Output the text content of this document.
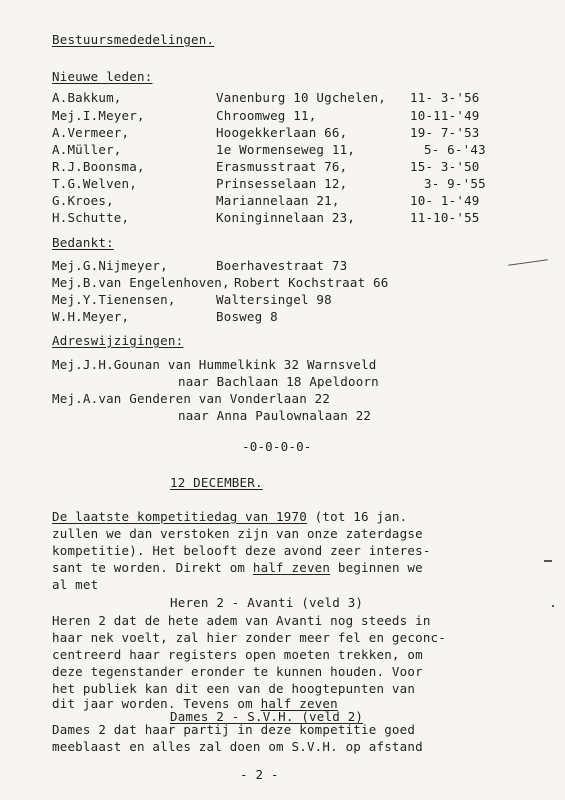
Bestuursmededelingen.
Nieuwe leden:
A.Bakkum,	Vanenburg 10 Ugchelen, 11- 3-'56
Mej.I.Meyer,	Chroomweg 11,	10-11-'49
A.Vermeer,	Hoogekkerlaan 66,	19- 7-'53
A.Müller,	1e Wormenseweg 11,	5- 6-'43
R.J.Boonsma,	Erasmusstraat 76,	15- 3-'50
T.G.Welven,	Prinsesselaan 12,	3- 9-'55
G.Kroes,	Mariannelaan 21,	10- 1-'49
H.Schutte,	Koninginnelaan 23,	11-10-'55
Bedankt:
Mej.G.Nijmeyer,	Boerhavestraat 73
Mej.B.van Engelenhoven, Robert Kochstraat 66
Mej.Y.Tienensen,	Waltersingel 98
W.H.Meyer,	Bosweg 8
Adreswijzigingen:
Mej.J.H.Gounan van Hummelkink 32 Warnsveld
naar Bachlaan 18 Apeldoorn
Mej.A.van Genderen van Vonderlaan 22
naar Anna Paulownalaan 22
-0-0-0-0-
12 DECEMBER.
De laatste kompetitiedag van 1970 (tot 16 jan.
zullen we dan verstoken zijn van onze zaterdagse
kompetitie). Het belooft deze avond zeer interes-
sant te worden. Direkt om half zeven beginnen we
al met
Heren 2 - Avanti (veld 3)
Heren 2 dat de hete adem van Avanti nog steeds in
haar nek voelt, zal hier zonder meer fel en geconc-
centreerd haar registers open moeten trekken, om
deze tegenstander eronder te kunnen houden. Voor
het publiek kan dit een van de hoogtepunten van
dit jaar worden. Tevens om half zeven
Dames 2 - S.V.H. (veld 2)
Dames 2 dat haar partij in deze kompetitie goed
meeblaast en alles zal doen om S.V.H. op afstand
- 2 -
